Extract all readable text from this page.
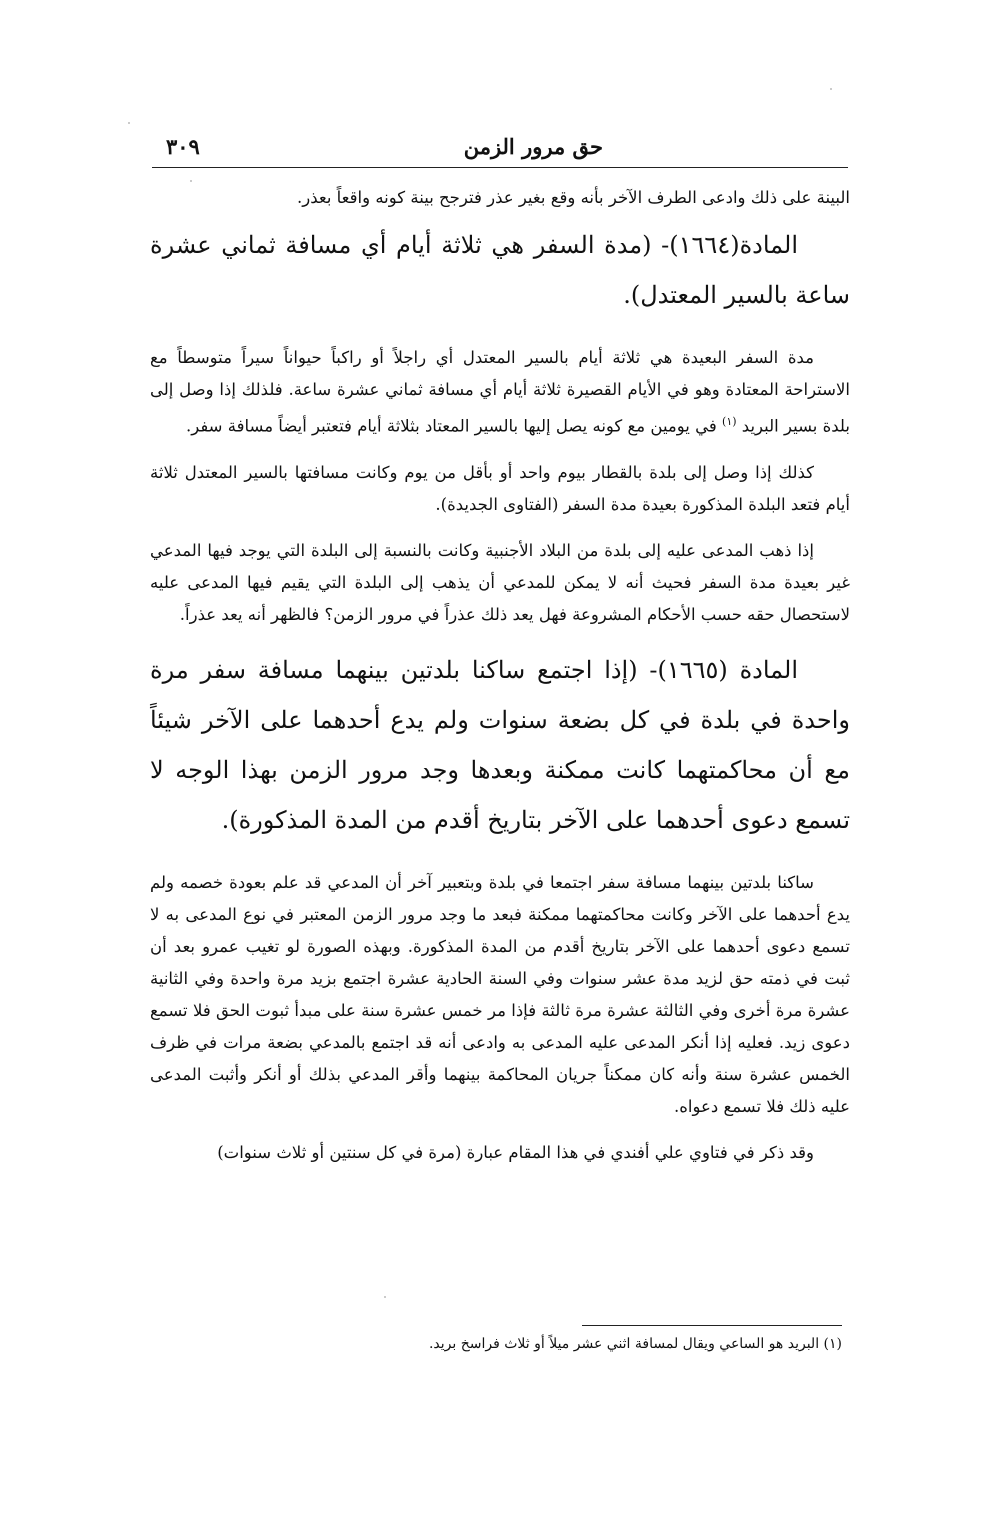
حق مرور الزمن
٣٠٩

البينة على ذلك وادعى الطرف الآخر بأنه وقع بغير عذر فترجح بينة كونه واقعاً بعذر.

المادة(١٦٦٤)- (مدة السفر هي ثلاثة أيام أي مسافة ثماني عشرة ساعة بالسير المعتدل).

مدة السفر البعيدة هي ثلاثة أيام بالسير المعتدل أي راجلاً أو راكباً حيواناً سيراً متوسطاً مع الاستراحة المعتادة وهو في الأيام القصيرة ثلاثة أيام أي مسافة ثماني عشرة ساعة. فلذلك إذا وصل إلى بلدة بسير البريد $^{(١)}$ في يومين مع كونه يصل إليها بالسير المعتاد بثلاثة أيام فتعتبر أيضاً مسافة سفر.

كذلك إذا وصل إلى بلدة بالقطار بيوم واحد أو بأقل من يوم وكانت مسافتها بالسير المعتدل ثلاثة أيام فتعد البلدة المذكورة بعيدة مدة السفر (الفتاوى الجديدة).

إذا ذهب المدعى عليه إلى بلدة من البلاد الأجنبية وكانت بالنسبة إلى البلدة التي يوجد فيها المدعي غير بعيدة مدة السفر فحيث أنه لا يمكن للمدعي أن يذهب إلى البلدة التي يقيم فيها المدعى عليه لاستحصال حقه حسب الأحكام المشروعة فهل يعد ذلك عذراً في مرور الزمن؟ فالظهر أنه يعد عذراً.

المادة (١٦٦٥)- (إذا اجتمع ساكنا بلدتين بينهما مسافة سفر مرة واحدة في بلدة في كل بضعة سنوات ولم يدع أحدهما على الآخر شيئاً مع أن محاكمتهما كانت ممكنة وبعدها وجد مرور الزمن بهذا الوجه لا تسمع دعوى أحدهما على الآخر بتاريخ أقدم من المدة المذكورة).

ساكنا بلدتين بينهما مسافة سفر اجتمعا في بلدة وبتعبير آخر أن المدعي قد علم بعودة خصمه ولم يدع أحدهما على الآخر وكانت محاكمتهما ممكنة فبعد ما وجد مرور الزمن المعتبر في نوع المدعى به لا تسمع دعوى أحدهما على الآخر بتاريخ أقدم من المدة المذكورة. وبهذه الصورة لو تغيب عمرو بعد أن ثبت في ذمته حق لزيد مدة عشر سنوات وفي السنة الحادية عشرة اجتمع بزيد مرة واحدة وفي الثانية عشرة مرة أخرى وفي الثالثة عشرة مرة ثالثة فإذا مر خمس عشرة سنة على مبدأ ثبوت الحق فلا تسمع دعوى زيد. فعليه إذا أنكر المدعى عليه المدعى به وادعى أنه قد اجتمع بالمدعي بضعة مرات في ظرف الخمس عشرة سنة وأنه كان ممكناً جريان المحاكمة بينهما وأقر المدعي بذلك أو أنكر وأثبت المدعى عليه ذلك فلا تسمع دعواه.

وقد ذكر في فتاوي علي أفندي في هذا المقام عبارة (مرة في كل سنتين أو ثلاث سنوات)

(١) البريد هو الساعي ويقال لمسافة اثني عشر ميلاً أو ثلاث فراسخ بريد.
